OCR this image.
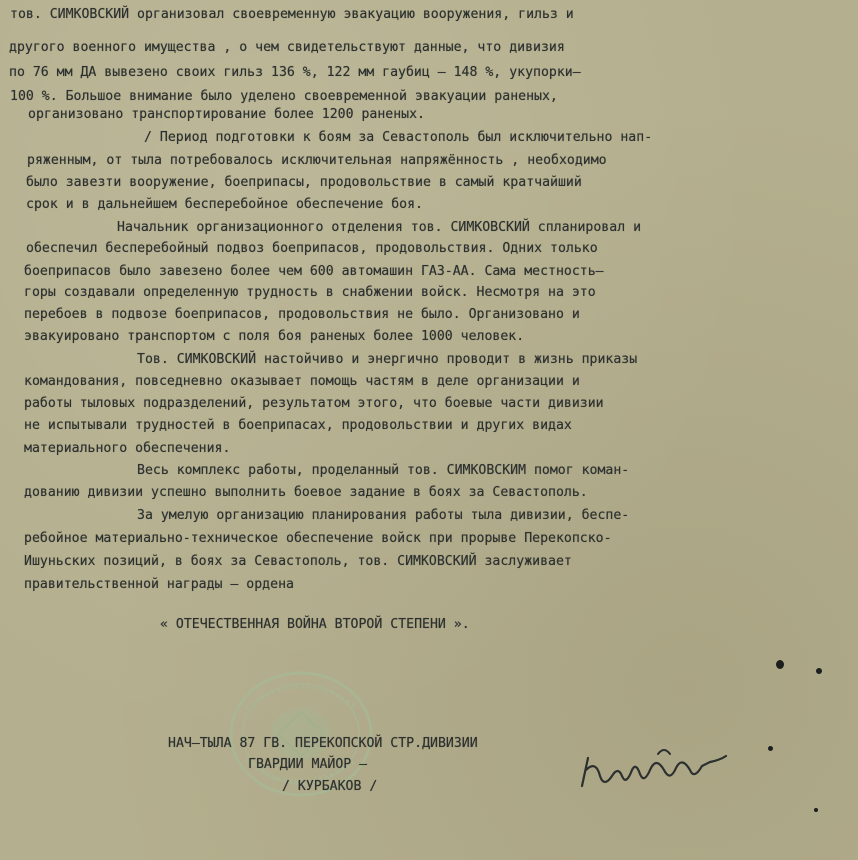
тов. СИМКОВСКИЙ организовал своевременную эвакуацию вооружения, гильз и
другого военного имущества , о чем свидетельствуют данные, что дивизия
по 76 мм ДА вывезено своих гильз 136 %, 122 мм гаубиц – 148 %, укупорки–
100 %. Большое внимание было уделено своевременной эвакуации раненых,
организовано транспортирование более 1200 раненых.
/ Период подготовки к боям за Севастополь был исключительно нап-
ряженным, от тыла потребовалось исключительная напряжённость , необходимо
было завезти вооружение, боеприпасы, продовольствие в самый кратчайший
срок и в дальнейшем бесперебойное обеспечение боя.
Начальник организационного отделения тов. СИМКОВСКИЙ спланировал и
обеспечил бесперебойный подвоз боеприпасов, продовольствия. Одних только
боеприпасов было завезено более чем 600 автомашин ГАЗ-АА. Сама местность–
горы создавали определенную трудность в снабжении войск. Несмотря на это
перебоев в подвозе боеприпасов, продовольствия не было. Организовано и
эвакуировано транспортом с поля боя раненых более 1000 человек.
Тов. СИМКОВСКИЙ настойчиво и энергично проводит в жизнь приказы
командования, повседневно оказывает помощь частям в деле организации и
работы тыловых подразделений, результатом этого, что боевые части дивизии
не испытывали трудностей в боеприпасах, продовольствии и других видах
материального обеспечения.
Весь комплекс работы, проделанный тов. СИМКОВСКИМ помог коман-
дованию дивизии успешно выполнить боевое задание в боях за Севастополь.
За умелую организацию планирования работы тыла дивизии, беспе-
ребойное материально-техническое обеспечение войск при прорыве Перекопско-
Ишуньских позиций, в боях за Севастополь, тов. СИМКОВСКИЙ заслуживает
правительственной награды – ордена
« ОТЕЧЕСТВЕННАЯ ВОЙНА ВТОРОЙ СТЕПЕНИ ».
НАЧ–ТЫЛА 87 ГВ. ПЕРЕКОПСКОЙ СТР.ДИВИЗИИ
ГВАРДИИ МАЙОР –
/ КУРБАКОВ /
